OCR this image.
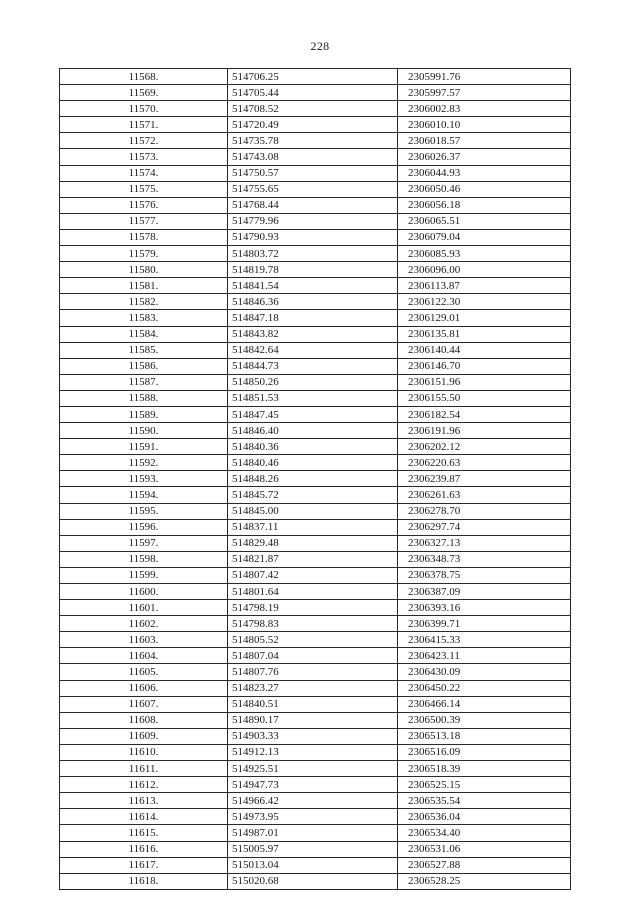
228
11568.	514706.25	2305991.76
11569.	514705.44	2305997.57
11570.	514708.52	2306002.83
11571.	514720.49	2306010.10
11572.	514735.78	2306018.57
11573.	514743.08	2306026.37
11574.	514750.57	2306044.93
11575.	514755.65	2306050.46
11576.	514768.44	2306056.18
11577.	514779.96	2306065.51
11578.	514790.93	2306079.04
11579.	514803.72	2306085.93
11580.	514819.78	2306096.00
11581.	514841.54	2306113.87
11582.	514846.36	2306122.30
11583.	514847.18	2306129.01
11584.	514843.82	2306135.81
11585.	514842.64	2306140.44
11586.	514844.73	2306146.70
11587.	514850.26	2306151.96
11588.	514851.53	2306155.50
11589.	514847.45	2306182.54
11590.	514846.40	2306191.96
11591.	514840.36	2306202.12
11592.	514840.46	2306220.63
11593.	514848.26	2306239.87
11594.	514845.72	2306261.63
11595.	514845.00	2306278.70
11596.	514837.11	2306297.74
11597.	514829.48	2306327.13
11598.	514821.87	2306348.73
11599.	514807.42	2306378.75
11600.	514801.64	2306387.09
11601.	514798.19	2306393.16
11602.	514798.83	2306399.71
11603.	514805.52	2306415.33
11604.	514807.04	2306423.11
11605.	514807.76	2306430.09
11606.	514823.27	2306450.22
11607.	514840.51	2306466.14
11608.	514890.17	2306500.39
11609.	514903.33	2306513.18
11610.	514912.13	2306516.09
11611.	514925.51	2306518.39
11612.	514947.73	2306525.15
11613.	514966.42	2306535.54
11614.	514973.95	2306536.04
11615.	514987.01	2306534.40
11616.	515005.97	2306531.06
11617.	515013.04	2306527.88
11618.	515020.68	2306528.25
